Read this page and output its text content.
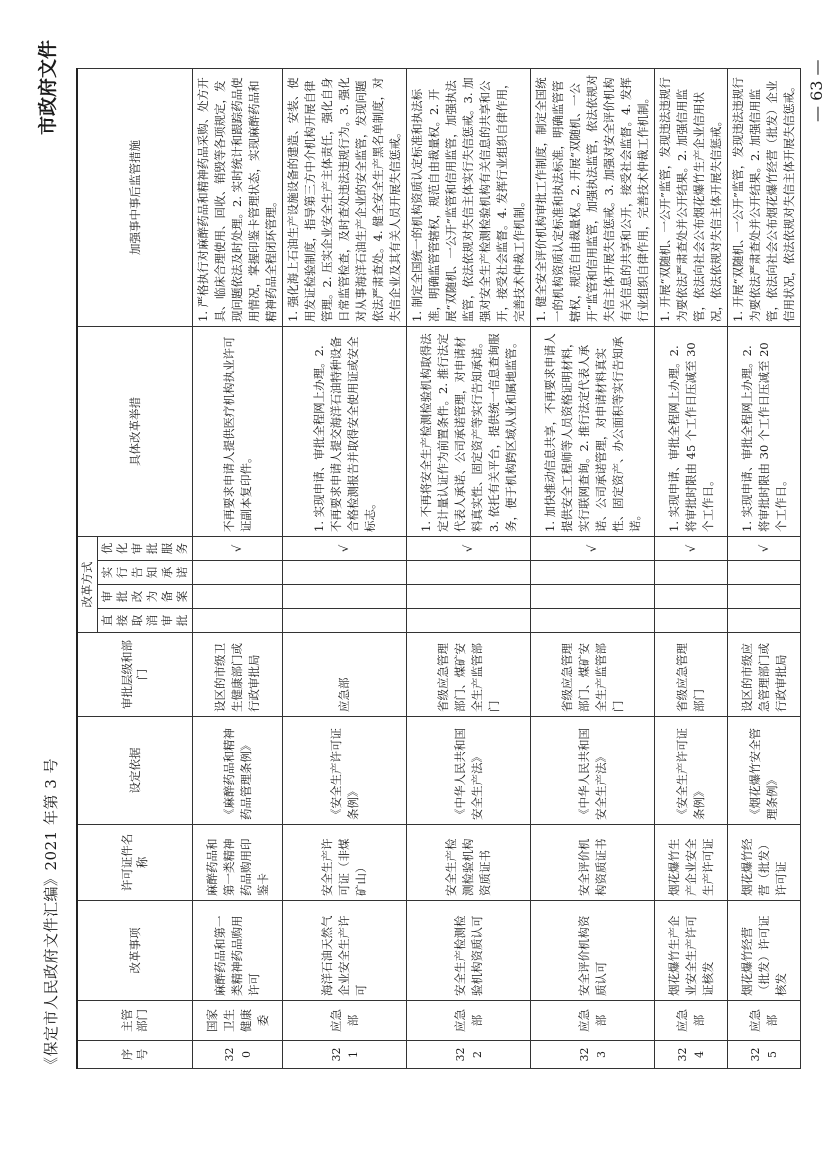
《保定市人民政府文件汇编》2021 年第 3 号
市政府文件
序号	主管部门	改革事项	许可证件名称	设定依据	审批层级和部门	改革方式				具体改革举措	加强事中事后监管措施
						直接取消审批	审批改为备案	实行告知承诺	优化审批服务		
320	国家卫生健康委	麻醉药品和第一类精神药品购用许可	麻醉药品和第一类精神药品购用印鉴卡	《麻醉药品和精神药品管理条例》	设区的市级卫生健康部门或行政审批局				√	不再要求申请人提供医疗机构执业许可证副本复印件。	1. 严格执行对麻醉药品和精神药品采购、处方开具、临床合理使用、回收、销毁等各项规定，发现问题依法及时处理。2. 实时统计和跟踪药品使用情况，掌握印鉴卡管理状态，实现麻醉药品和精神药品全程闭环管理。
321	应急部	海洋石油天然气企业安全生产许可	安全生产许可证（非煤矿山）	《安全生产许可证条例》	应急部				√	1. 实现申请、审批全程网上办理。2. 不再要求申请人提交海洋石油特种设备合格检测报告并取得安全使用证或安全标志。	1. 强化海上石油生产设施设备的建造、安装、使用发证检验制度，指导第三方中介机构开展自律管理。2. 压实企业安全生产主体责任，强化自身日常监管检查，及时查处违法违规行为。3. 强化对从事海洋石油生产企业的安全监管，发现问题依法严肃查处。4. 健全安全生产黑名单制度，对失信企业及其有关人员开展失信惩戒。
322	应急部	安全生产检测检验机构资质认可	安全生产检测检验机构资质证书	《中华人民共和国安全生产法》	省级应急管理部门、煤矿安全生产监管部门				√	1. 不再将安全生产检测检验机构取得法定计量认证作为前置条件。2. 推行法定代表人承诺、公司承诺管理，对申请材料真实性、固定资产等实行告知承诺。3. 依托有关平台，提供统一信息查询服务，便于机构跨区域从业和属地监管。	1. 制定全国统一的机构资质认定标准和执法标准，明确监管管辖权，规范自由裁量权。2. 开展“双随机、一公开”监管和信用监管，加强执法监管，依法依规对失信主体实行失信惩戒。3. 加强对安全生产检测检验机构有关信息的共享和公开，接受社会监督。4. 发挥行业组织自律作用，完善技术仲裁工作机制。
323	应急部	安全评价机构资质认可	安全评价机构资质证书	《中华人民共和国安全生产法》	省级应急管理部门、煤矿安全生产监管部门				√	1. 加快推动信息共享，不再要求申请人提供安全工程师等人员资格证明材料，实行联网查询。2. 推行法定代表人承诺、公司承诺管理，对申请材料真实性、固定资产、办公面积等实行告知承诺。	1. 健全安全评价机构审批工作制度，制定全国统一的机构资质认定标准和执法标准，明确监管管辖权，规范自由裁量权。2. 开展“双随机、一公开”监管和信用监管，加强执法监管，依法依规对失信主体开展失信惩戒。3. 加强对安全评价机构有关信息的共享和公开，接受社会监督。4. 发挥行业组织自律作用，完善技术仲裁工作机制。
324	应急部	烟花爆竹生产企业安全生产许可证核发	烟花爆竹生产企业安全生产许可证	《安全生产许可证条例》	省级应急管理部门				√	1. 实现申请、审批全程网上办理。2. 将审批时限由 45 个工作日压减至 30 个工作日。	1. 开展“双随机、一公开”监管，发现违法违规行为要依法严肃查处并公开结果。2. 加强信用监管，依法向社会公布烟花爆竹生产企业信用状况，依法依规对失信主体开展失信惩戒。
325	应急部	烟花爆竹经营（批发）许可证核发	烟花爆竹经营（批发）许可证	《烟花爆竹安全管理条例》	设区的市级应急管理部门或行政审批局				√	1. 实现申请、审批全程网上办理。2. 将审批时限由 30 个工作日压减至 20 个工作日。	1. 开展“双随机、一公开”监管，发现违法违规行为要依法严肃查处并公开结果。2. 加强信用监管，依法向社会公布烟花爆竹经营（批发）企业信用状况，依法依规对失信主体开展失信惩戒。 — 63 —
